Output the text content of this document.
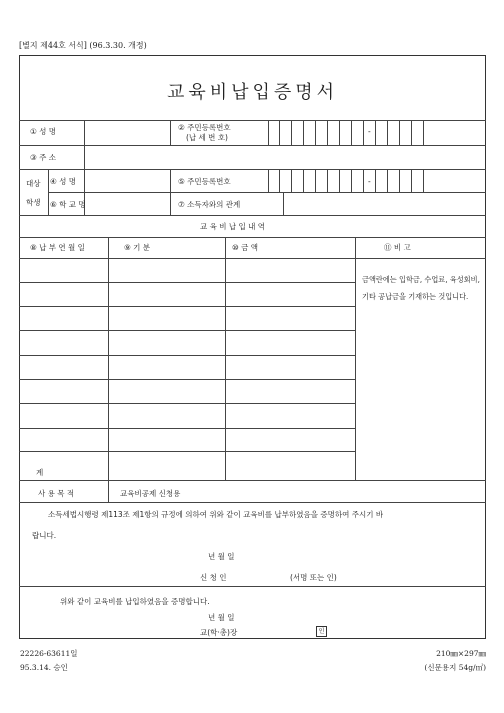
[별지 제44호 서식] (96.3.30. 개정)
교육비납입증명서
① 성 명	② 주민등록번호
(납 세 번 호)
-
③ 주 소
대상
학생
④ 성 명	⑤ 주민등록번호	-
⑥ 학 교 명	⑦ 소득자와의 관계
교 육 비 납 입 내 역
⑧ 납 부 연 월 일	⑨ 기 분	⑩ 금 액	⑪ 비 고
금액란에는 입학금, 수업료, 육성회비, 기타 공납금을 기재하는 것입니다.
계
사 용 목 적	교육비공제 신청용
소득세법시행령 제113조 제1항의 규정에 의하여 위와 같이 교육비를 납부하였음을 증명하여 주시기 바
랍니다.
년 월 일
신 청 인	(서명 또는 인)
위와 같이 교육비를 납입하였음을 증명합니다.
년 월 일
교(학·총)장	인
22226-63611일
95.3.14. 승인
210㎜×297㎜
(신문용지 54g/㎡)
